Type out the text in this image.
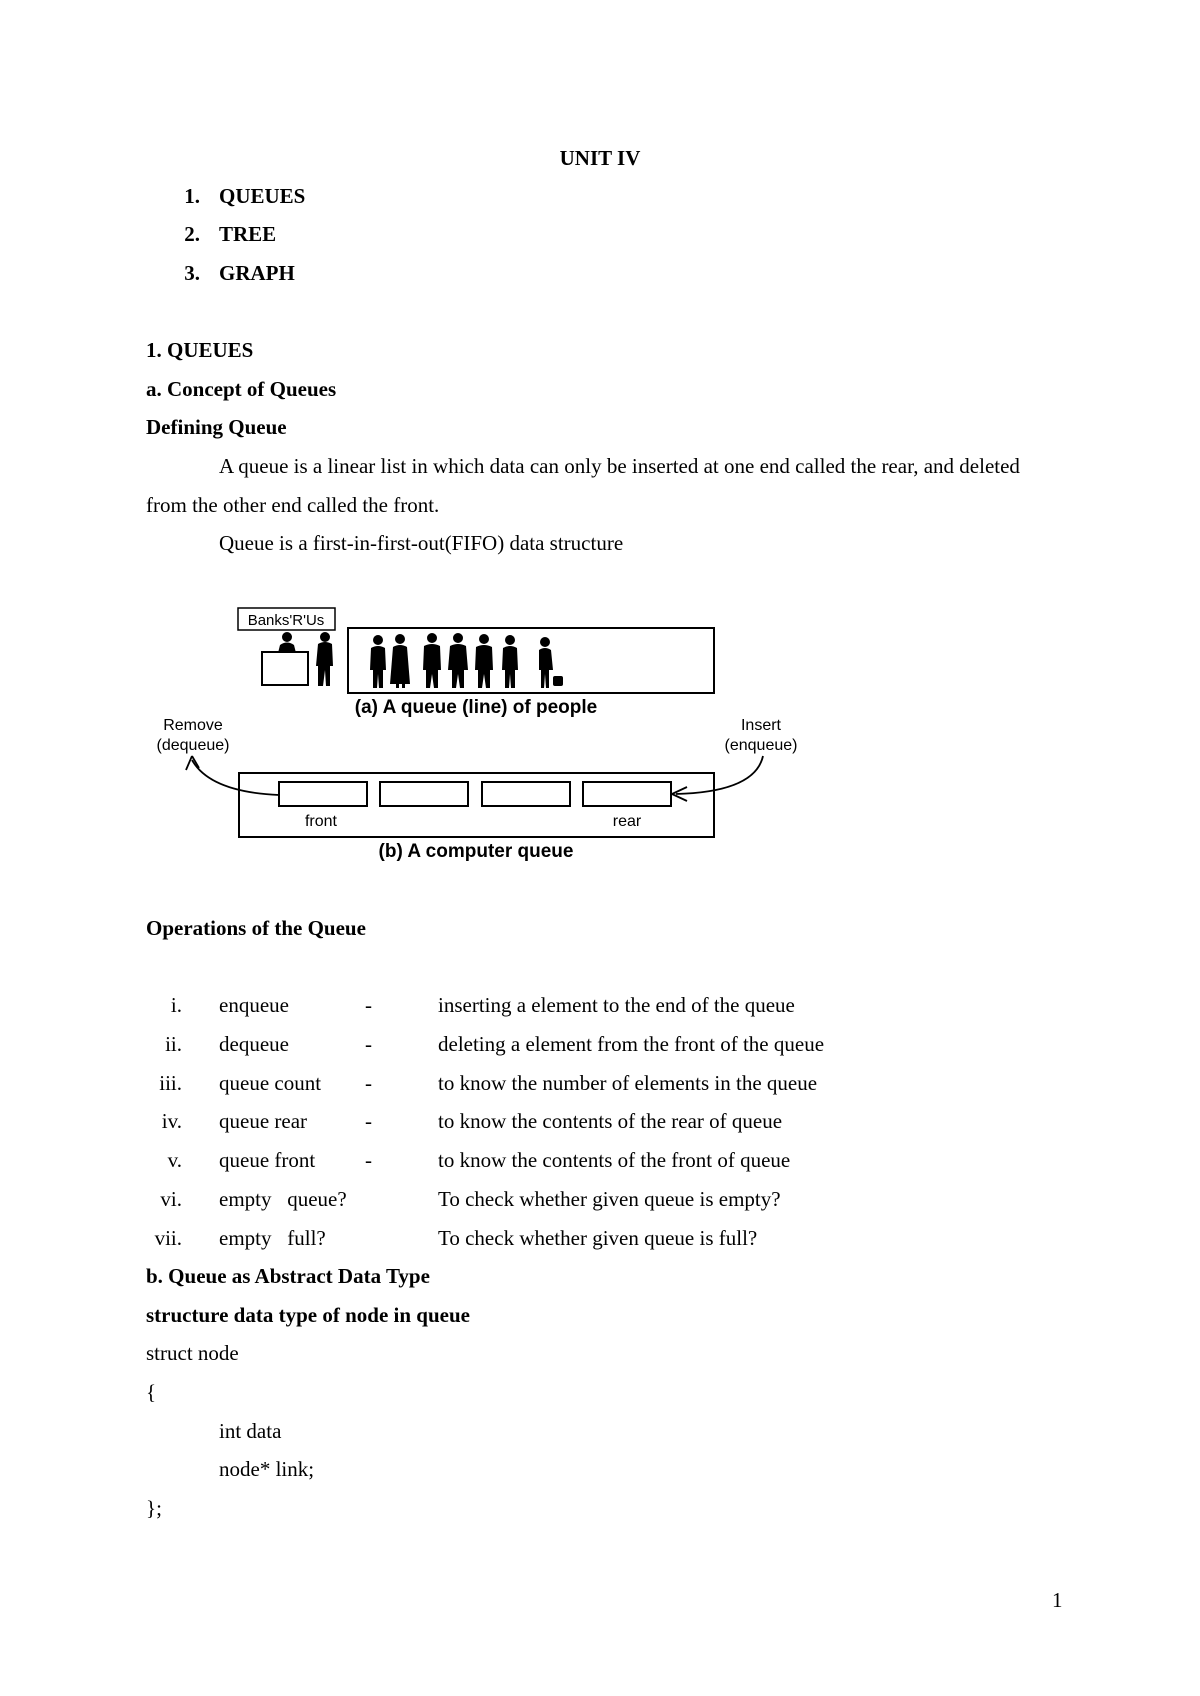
UNIT IV
1. QUEUES
2. TREE
3. GRAPH
1. QUEUES
a. Concept of Queues
Defining Queue
A queue is a linear list in which data can only be inserted at one end called the rear, and deleted
from the other end called the front.
Queue is a first-in-first-out(FIFO) data structure
Banks'R'Us
(a) A queue (line) of people
Remove
(dequeue)
Insert
(enqueue)
front	rear
(b) A computer queue
Operations of the Queue
i. enqueue	-	inserting a element to the end of the queue
ii. dequeue	-	deleting a element from the front of the queue
iii. queue count -	to know the number of elements in the queue
iv. queue rear	-	to know the contents of the rear of queue
v. queue front -	to know the contents of the front of queue
vi. empty   queue?	To check whether given queue is empty?
vii. empty   full?	To check whether given queue is full?
b. Queue as Abstract Data Type
structure data type of node in queue
struct node
{
int data
node* link;
};
1
